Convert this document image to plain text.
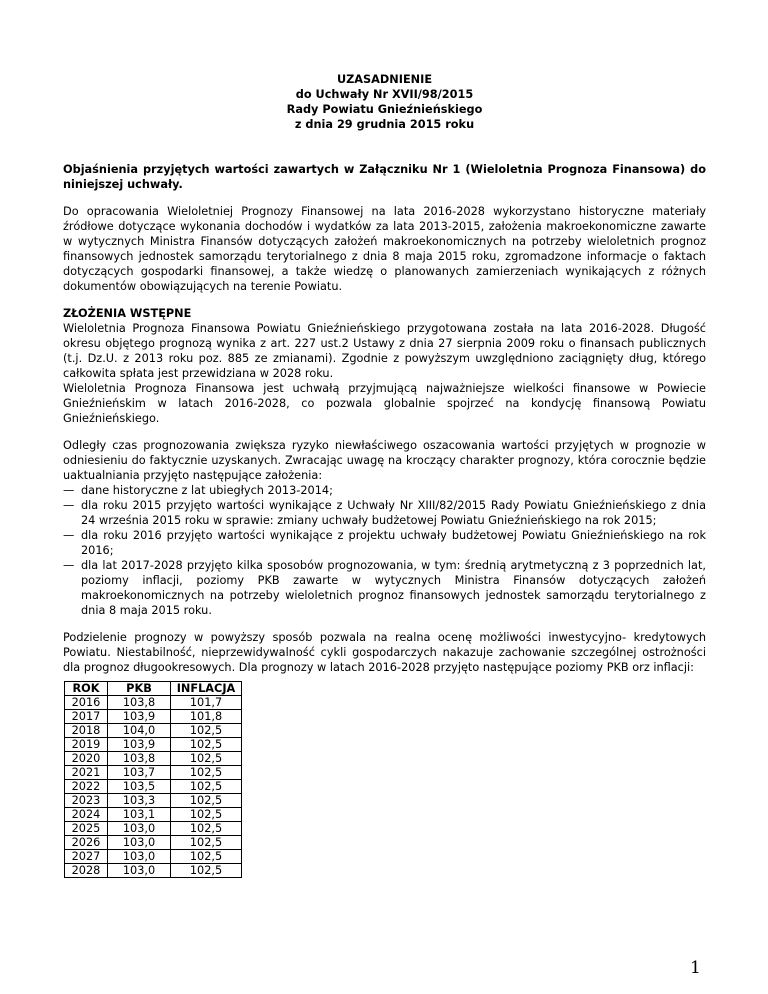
UZASADNIENIE
do Uchwały Nr XVII/98/2015
Rady Powiatu Gnieźnieńskiego
z dnia 29 grudnia 2015 roku

Objaśnienia przyjętych wartości zawartych w Załączniku Nr 1 (Wieloletnia Prognoza Finansowa) do niniejszej uchwały.

Do opracowania Wieloletniej Prognozy Finansowej na lata 2016-2028 wykorzystano historyczne materiały źródłowe dotyczące wykonania dochodów i wydatków za lata 2013-2015, założenia makroekonomiczne zawarte w wytycznych Ministra Finansów dotyczących założeń makroekonomicznych na potrzeby wieloletnich prognoz finansowych jednostek samorządu terytorialnego z dnia 8 maja 2015 roku, zgromadzone informacje o faktach dotyczących gospodarki finansowej, a także wiedzę o planowanych zamierzeniach wynikających z różnych dokumentów obowiązujących na terenie Powiatu.

ZŁOŻENIA WSTĘPNE
Wieloletnia Prognoza Finansowa Powiatu Gnieźnieńskiego przygotowana została na lata 2016-2028. Długość okresu objętego prognozą wynika z art. 227 ust.2 Ustawy z dnia 27 sierpnia 2009 roku o finansach publicznych (t.j. Dz.U. z 2013 roku poz. 885 ze zmianami). Zgodnie z powyższym uwzględniono zaciągnięty dług, którego całkowita spłata jest przewidziana w 2028 roku.

Wieloletnia Prognoza Finansowa jest uchwałą przyjmującą najważniejsze wielkości finansowe w Powiecie Gnieźnieńskim w latach 2016-2028, co pozwala globalnie spojrzeć na kondycję finansową Powiatu Gnieźnieńskiego.

Odległy czas prognozowania zwiększa ryzyko niewłaściwego oszacowania wartości przyjętych w prognozie w odniesieniu do faktycznie uzyskanych. Zwracając uwagę na kroczący charakter prognozy, która corocznie będzie uaktualniania przyjęto następujące założenia:
— dane historyczne z lat ubiegłych 2013-2014;
— dla roku 2015 przyjęto wartości wynikające z Uchwały Nr XIII/82/2015 Rady Powiatu Gnieźnieńskiego z dnia 24 września 2015 roku w sprawie: zmiany uchwały budżetowej Powiatu Gnieźnieńskiego na rok 2015;
— dla roku 2016 przyjęto wartości wynikające z projektu uchwały budżetowej Powiatu Gnieźnieńskiego na rok 2016;
— dla lat 2017-2028 przyjęto kilka sposobów prognozowania, w tym: średnią arytmetyczną z 3 poprzednich lat, poziomy inflacji, poziomy PKB zawarte w wytycznych Ministra Finansów dotyczących założeń makroekonomicznych na potrzeby wieloletnich prognoz finansowych jednostek samorządu terytorialnego z dnia 8 maja 2015 roku.
Podzielenie prognozy w powyższy sposób pozwala na realna ocenę możliwości inwestycyjno- kredytowych Powiatu. Niestabilność, nieprzewidywalność cykli gospodarczych nakazuje zachowanie szczególnej ostrożności dla prognoz długookresowych. Dla prognozy w latach 2016-2028 przyjęto następujące poziomy PKB orz inflacji:
ROK	PKB	INFLACJA
2016	103,8	101,7
2017	103,9	101,8
2018	104,0	102,5
2019	103,9	102,5
2020	103,8	102,5
2021	103,7	102,5
2022	103,5	102,5
2023	103,3	102,5
2024	103,1	102,5
2025	103,0	102,5
2026	103,0	102,5
2027	103,0	102,5
2028	103,0	102,5
1
